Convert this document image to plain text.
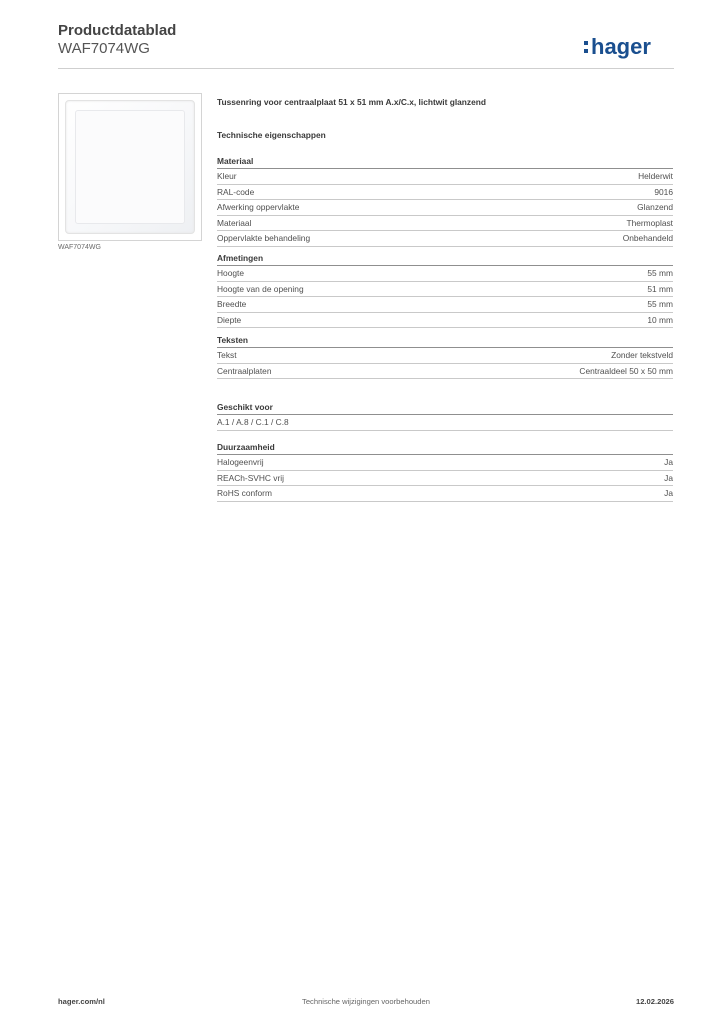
Productdatablad
WAF7074WG	hager
WAF7074WG
Tussenring voor centraalplaat 51 x 51 mm A.x/C.x, lichtwit glanzend
Technische eigenschappen
Materiaal
Kleur	Helderwit
RAL-code	9016
Afwerking oppervlakte	Glanzend
Materiaal	Thermoplast
Oppervlakte behandeling	Onbehandeld
Afmetingen
Hoogte	55 mm
Hoogte van de opening	51 mm
Breedte	55 mm
Diepte	10 mm
Teksten
Tekst	Zonder tekstveld
Centraalplaten	Centraaldeel 50 x 50 mm
Geschikt voor
A.1 / A.8 / C.1 / C.8
Duurzaamheid
Halogeenvrij	Ja
REACh-SVHC vrij	Ja
RoHS conform	Ja
Technische wijzigingen voorbehouden
hager.com/nl	12.02.2026
